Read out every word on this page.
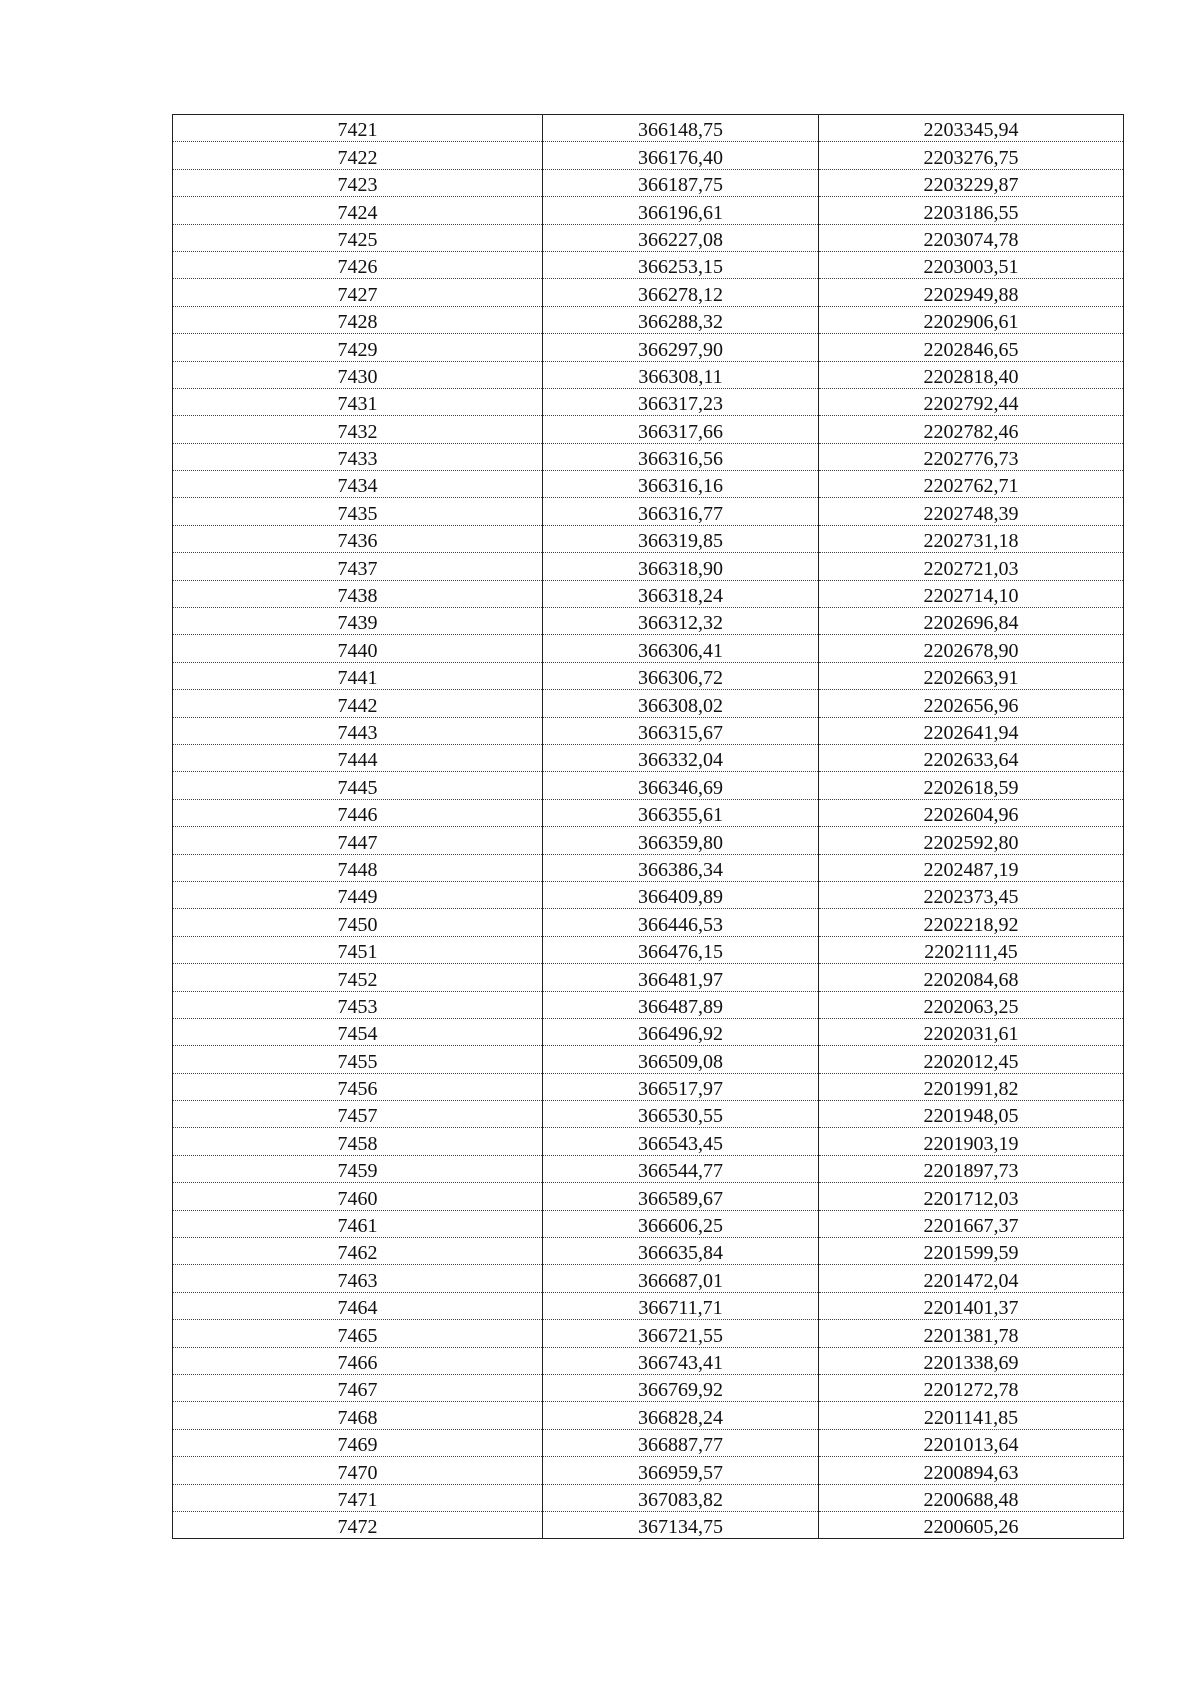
7421	366148,75	2203345,94
7422	366176,40	2203276,75
7423	366187,75	2203229,87
7424	366196,61	2203186,55
7425	366227,08	2203074,78
7426	366253,15	2203003,51
7427	366278,12	2202949,88
7428	366288,32	2202906,61
7429	366297,90	2202846,65
7430	366308,11	2202818,40
7431	366317,23	2202792,44
7432	366317,66	2202782,46
7433	366316,56	2202776,73
7434	366316,16	2202762,71
7435	366316,77	2202748,39
7436	366319,85	2202731,18
7437	366318,90	2202721,03
7438	366318,24	2202714,10
7439	366312,32	2202696,84
7440	366306,41	2202678,90
7441	366306,72	2202663,91
7442	366308,02	2202656,96
7443	366315,67	2202641,94
7444	366332,04	2202633,64
7445	366346,69	2202618,59
7446	366355,61	2202604,96
7447	366359,80	2202592,80
7448	366386,34	2202487,19
7449	366409,89	2202373,45
7450	366446,53	2202218,92
7451	366476,15	2202111,45
7452	366481,97	2202084,68
7453	366487,89	2202063,25
7454	366496,92	2202031,61
7455	366509,08	2202012,45
7456	366517,97	2201991,82
7457	366530,55	2201948,05
7458	366543,45	2201903,19
7459	366544,77	2201897,73
7460	366589,67	2201712,03
7461	366606,25	2201667,37
7462	366635,84	2201599,59
7463	366687,01	2201472,04
7464	366711,71	2201401,37
7465	366721,55	2201381,78
7466	366743,41	2201338,69
7467	366769,92	2201272,78
7468	366828,24	2201141,85
7469	366887,77	2201013,64
7470	366959,57	2200894,63
7471	367083,82	2200688,48
7472	367134,75	2200605,26
